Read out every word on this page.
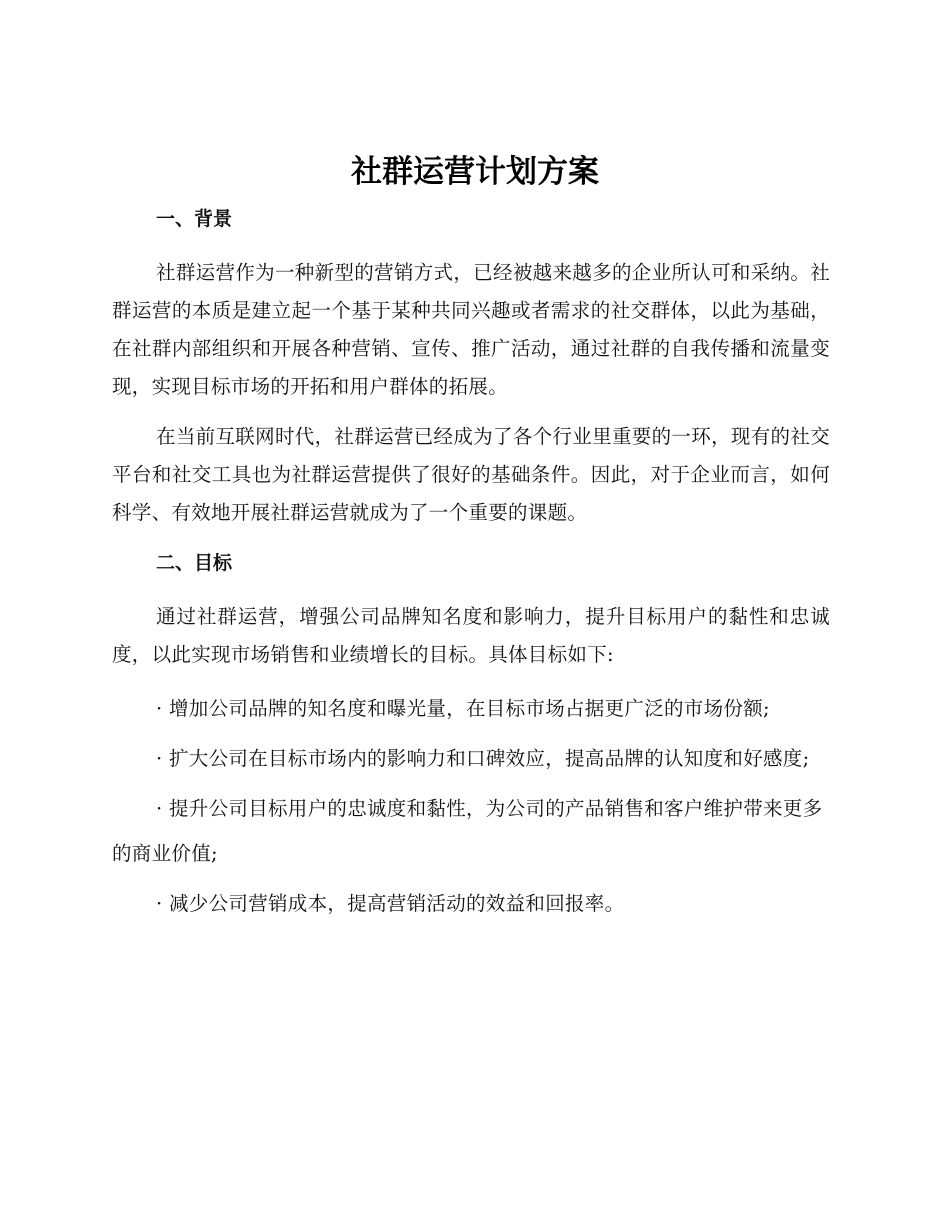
社群运营计划方案
一、背景

社群运营作为一种新型的营销方式，已经被越来越多的企业所认可和采纳。社群运营的本质是建立起一个基于某种共同兴趣或者需求的社交群体，以此为基础，在社群内部组织和开展各种营销、宣传、推广活动，通过社群的自我传播和流量变现，实现目标市场的开拓和用户群体的拓展。

在当前互联网时代，社群运营已经成为了各个行业里重要的一环，现有的社交平台和社交工具也为社群运营提供了很好的基础条件。因此，对于企业而言，如何科学、有效地开展社群运营就成为了一个重要的课题。

二、目标

通过社群运营，增强公司品牌知名度和影响力，提升目标用户的黏性和忠诚度，以此实现市场销售和业绩增长的目标。具体目标如下:

· 增加公司品牌的知名度和曝光量，在目标市场占据更广泛的市场份额;

· 扩大公司在目标市场内的影响力和口碑效应，提高品牌的认知度和好感度;

· 提升公司目标用户的忠诚度和黏性，为公司的产品销售和客户维护带来更多的商业价值;

· 减少公司营销成本，提高营销活动的效益和回报率。
